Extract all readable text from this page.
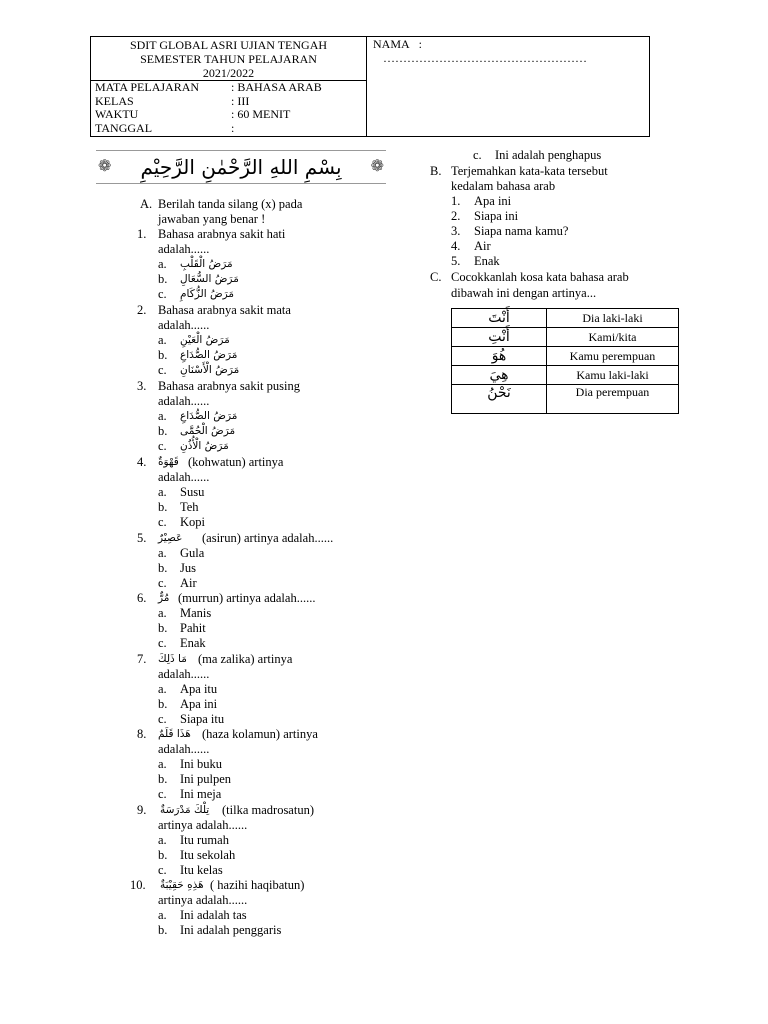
SDIT GLOBAL ASRI UJIAN TENGAH
SEMESTER TAHUN PELAJARAN
2021/2022

NAMA :
……………………………………………

MATA PELAJARAN	: BAHASA ARAB
KELAS	: III
WAKTU	: 60 MENIT
TANGGAL	:
❁ بِسْمِ اللهِ الرَّحْمٰنِ الرَّحِيْمِ ❁
A. Berilah tanda silang (x) pada
jawaban yang benar !
1. Bahasa arabnya sakit hati
adalah......
a. مَرَضُ الْقَلْبِ
b. مَرَضُ السُّعَالِ
c. مَرَضُ الزُّكَامِ
2. Bahasa arabnya sakit mata
adalah......
a. مَرَضُ الْعَيْنِ
b. مَرَضُ الصُّدَاعِ
c. مَرَضُ الْأَسْنَانِ
3. Bahasa arabnya sakit pusing
adalah......
a. مَرَضُ الصُّدَاعِ
b. مَرَضُ الْحُمَّى
c. مَرَضُ الْأُذُنِ
4. قَهْوَةٌ (kohwatun) artinya
adalah......
a. Susu
b. Teh
c. Kopi
5. عَصِيْرٌ (asirun) artinya adalah......
a. Gula
b. Jus
c. Air
6. مُرٌّ (murrun) artinya adalah......
a. Manis
b. Pahit
c. Enak
7. مَا ذَلِكَ (ma zalika) artinya
adalah......
a. Apa itu
b. Apa ini
c. Siapa itu
8. هَذَا قَلَمٌ (haza kolamun) artinya
adalah......
a. Ini buku
b. Ini pulpen
c. Ini meja
9. تِلْكَ مَدْرَسَةٌ (tilka madrosatun)
artinya adalah......
a. Itu rumah
b. Itu sekolah
c. Itu kelas
10. هَذِهِ حَقِيْبَةٌ ( hazihi haqibatun)
artinya adalah......
a. Ini adalah tas
b. Ini adalah penggaris
c. Ini adalah penghapus
B. Terjemahkan kata-kata tersebut
kedalam bahasa arab
1. Apa ini
2. Siapa ini
3. Siapa nama kamu?
4. Air
5. Enak
C. Cocokkanlah kosa kata bahasa arab
dibawah ini dengan artinya...
أَنْتَ	Dia laki-laki
أَنْتِ	Kami/kita
هُوَ	Kamu perempuan
هِيَ	Kamu laki-laki
نَحْنُ	Dia perempuan
